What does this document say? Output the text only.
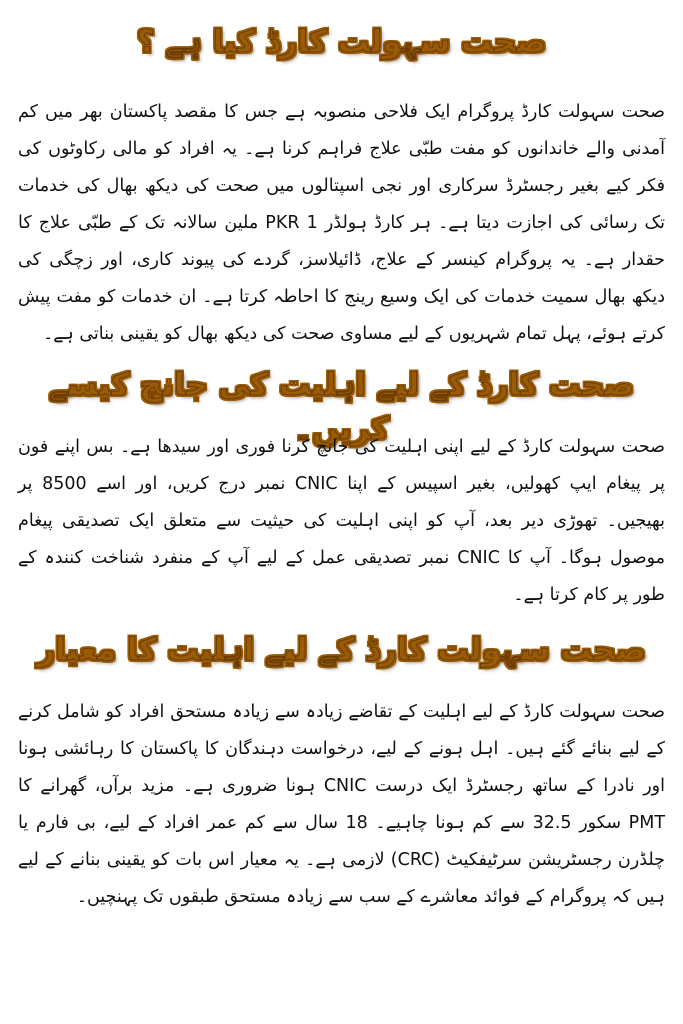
صحت سہولت کارڈ کیا ہے ؟

صحت سہولت کارڈ پروگرام ایک فلاحی منصوبہ ہے جس کا مقصد پاکستان بھر میں کم آمدنی والے خاندانوں کو مفت طبّی علاج فراہم کرنا ہے۔ یہ افراد کو مالی رکاوٹوں کی فکر کیے بغیر رجسٹرڈ سرکاری اور نجی اسپتالوں میں صحت کی دیکھ بھال کی خدمات تک رسائی کی اجازت دیتا ہے۔ ہر کارڈ ہولڈر PKR 1 ملین سالانہ تک کے طبّی علاج کا حقدار ہے۔ یہ پروگرام کینسر کے علاج، ڈائیلاسز، گردے کی پیوند کاری، اور زچگی کی دیکھ بھال سمیت خدمات کی ایک وسیع رینج کا احاطہ کرتا ہے۔ ان خدمات کو مفت پیش کرتے ہوئے، پہل تمام شہریوں کے لیے مساوی صحت کی دیکھ بھال کو یقینی بناتی ہے۔

صحت کارڈ کے لیے اہلیت کی جانچ کیسے کریں۔

صحت سہولت کارڈ کے لیے اپنی اہلیت کی جانچ کرنا فوری اور سیدھا ہے۔ بس اپنے فون پر پیغام ایپ کھولیں، بغیر اسپیس کے اپنا CNIC نمبر درج کریں، اور اسے 8500 پر بھیجیں۔ تھوڑی دیر بعد، آپ کو اپنی اہلیت کی حیثیت سے متعلق ایک تصدیقی پیغام موصول ہوگا۔ آپ کا CNIC نمبر تصدیقی عمل کے لیے آپ کے منفرد شناخت کنندہ کے طور پر کام کرتا ہے۔

صحت سہولت کارڈ کے لیے اہلیت کا معیار

صحت سہولت کارڈ کے لیے اہلیت کے تقاضے زیادہ سے زیادہ مستحق افراد کو شامل کرنے کے لیے بنائے گئے ہیں۔ اہل ہونے کے لیے، درخواست دہندگان کا پاکستان کا رہائشی ہونا اور نادرا کے ساتھ رجسٹرڈ ایک درست CNIC ہونا ضروری ہے۔ مزید برآں، گھرانے کا PMT سکور 32.5 سے کم ہونا چاہیے۔ 18 سال سے کم عمر افراد کے لیے، بی فارم یا چلڈرن رجسٹریشن سرٹیفکیٹ (CRC) لازمی ہے۔ یہ معیار اس بات کو یقینی بنانے کے لیے ہیں کہ پروگرام کے فوائد معاشرے کے سب سے زیادہ مستحق طبقوں تک پہنچیں۔
